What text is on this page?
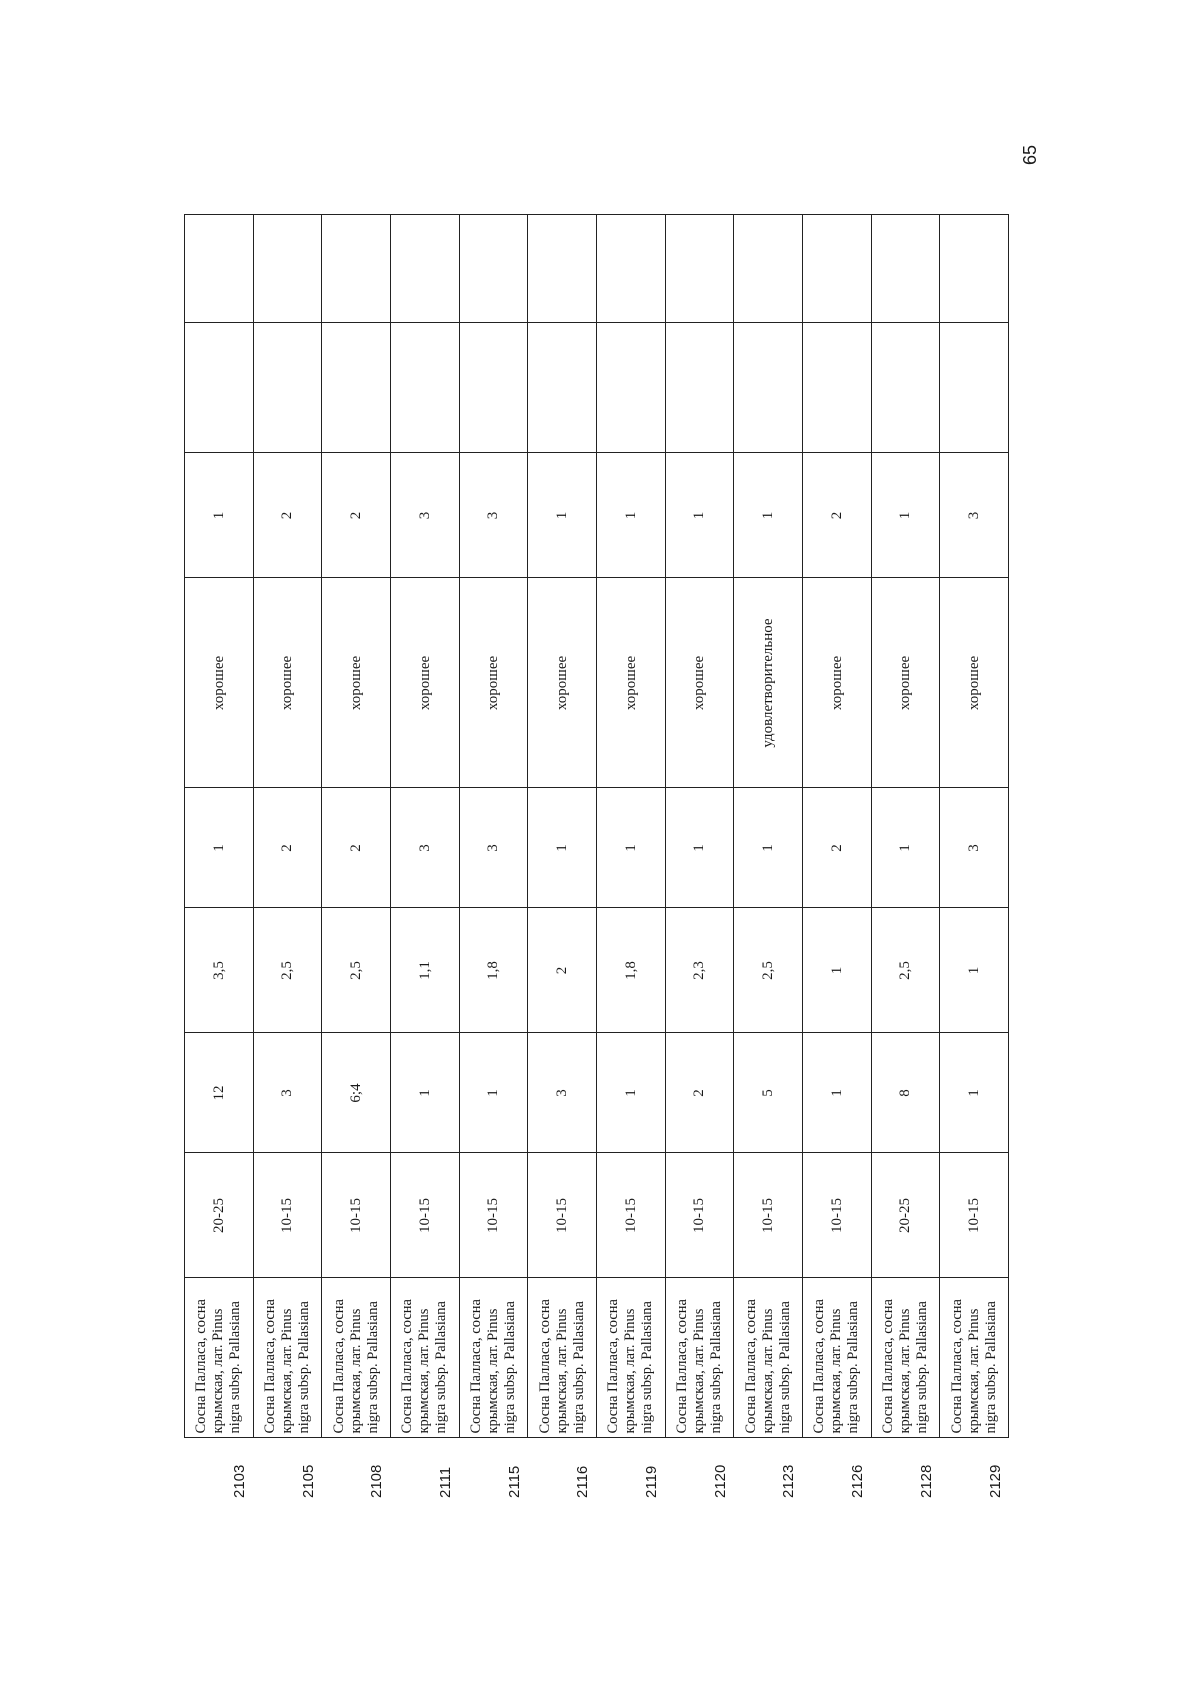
65
2103	Сосна Палласа, сосна крымская, лат. Pinus nigra subsp. Pallasiana	20-25	12	3,5	1	хорошее	1		
2105	Сосна Палласа, сосна крымская, лат. Pinus nigra subsp. Pallasiana	10-15	3	2,5	2	хорошее	2		
2108	Сосна Палласа, сосна крымская, лат. Pinus nigra subsp. Pallasiana	10-15	6;4	2,5	2	хорошее	2		
2111	Сосна Палласа, сосна крымская, лат. Pinus nigra subsp. Pallasiana	10-15	1	1,1	3	хорошее	3		
2115	Сосна Палласа, сосна крымская, лат. Pinus nigra subsp. Pallasiana	10-15	1	1,8	3	хорошее	3		
2116	Сосна Палласа, сосна крымская, лат. Pinus nigra subsp. Pallasiana	10-15	3	2	1	хорошее	1		
2119	Сосна Палласа, сосна крымская, лат. Pinus nigra subsp. Pallasiana	10-15	1	1,8	1	хорошее	1		
2120	Сосна Палласа, сосна крымская, лат. Pinus nigra subsp. Pallasiana	10-15	2	2,3	1	хорошее	1		
2123	Сосна Палласа, сосна крымская, лат. Pinus nigra subsp. Pallasiana	10-15	5	2,5	1	удовлетворительное	1		
2126	Сосна Палласа, сосна крымская, лат. Pinus nigra subsp. Pallasiana	10-15	1	1	2	хорошее	2		
2128	Сосна Палласа, сосна крымская, лат. Pinus nigra subsp. Pallasiana	20-25	8	2,5	1	хорошее	1		
2129	Сосна Палласа, сосна крымская, лат. Pinus nigra subsp. Pallasiana	10-15	1	1	3	хорошее	3		
